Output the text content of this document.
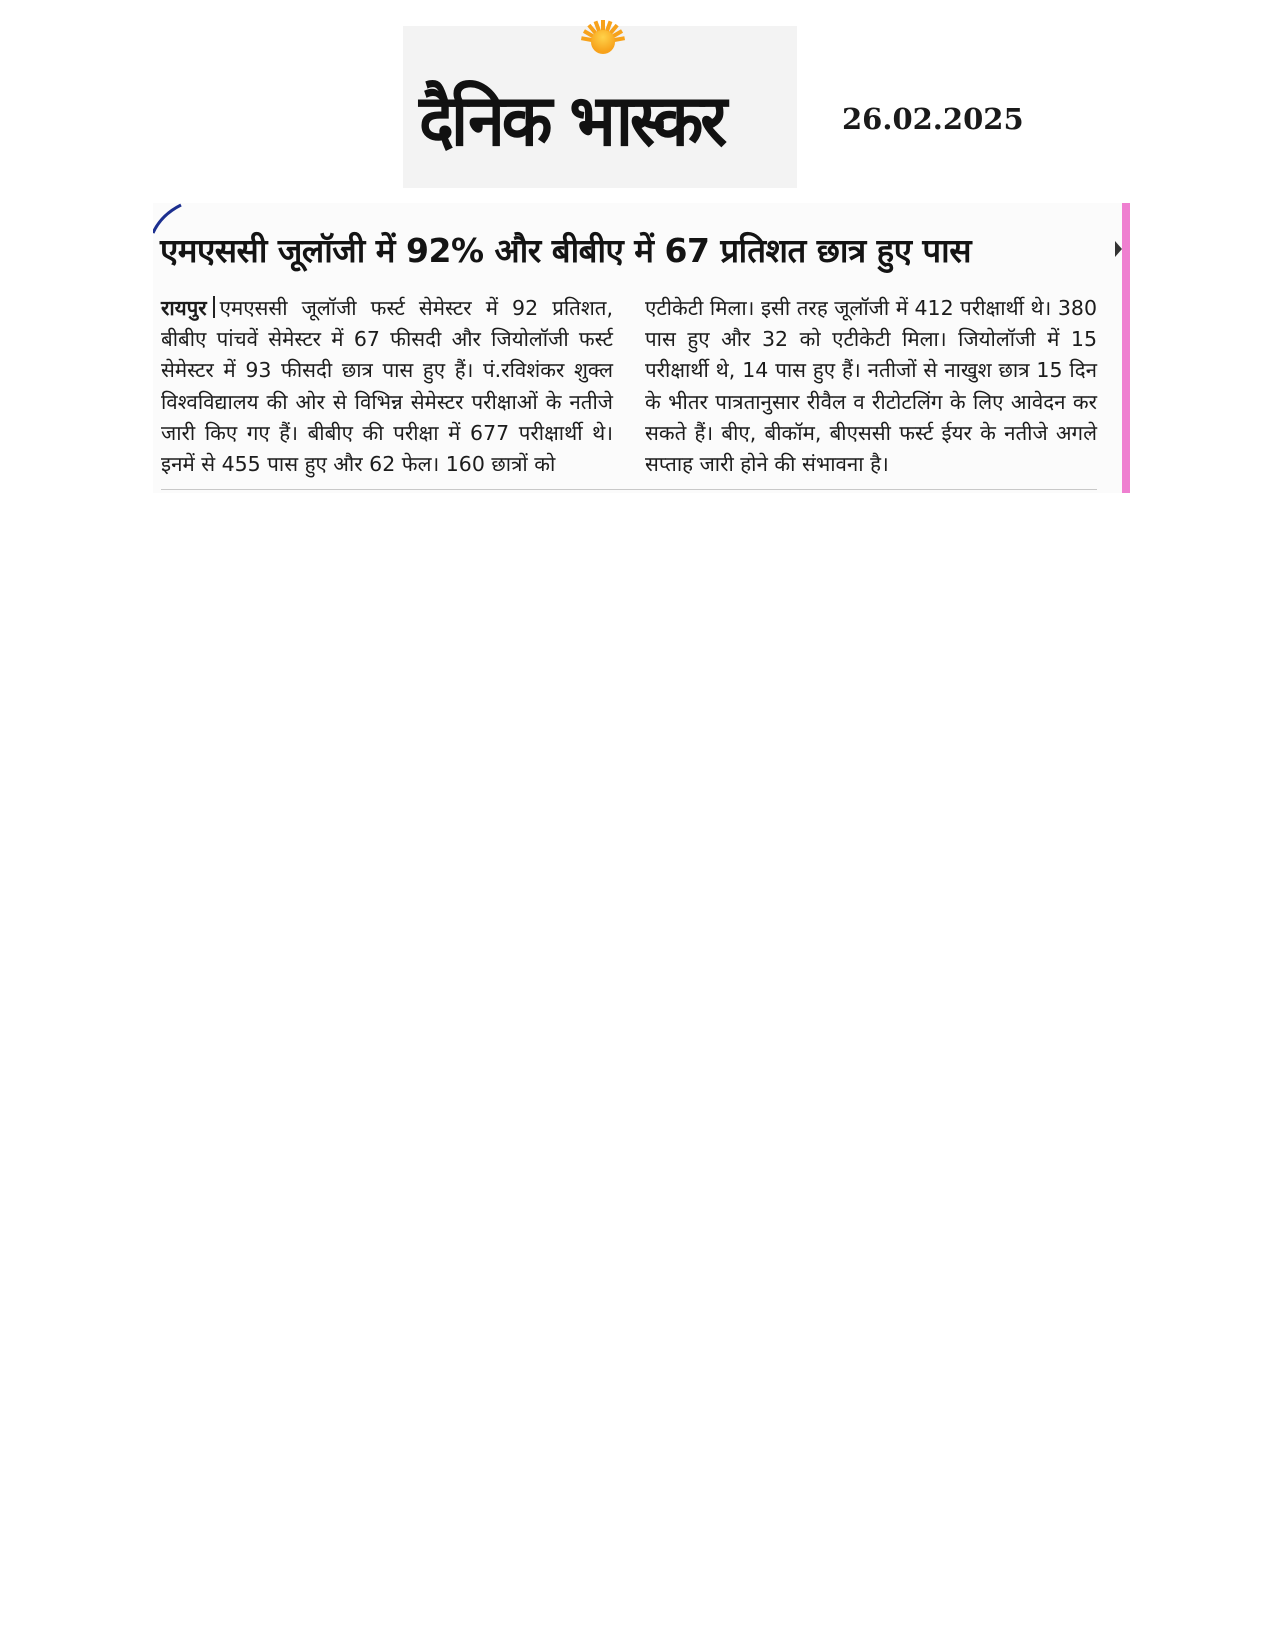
दैनिक भास्कर	26.02.2025
एमएससी जूलॉजी में 92% और बीबीए में 67 प्रतिशत छात्र हुए पास
रायपुर एमएससी जूलॉजी फर्स्ट सेमेस्टर में 92 प्रतिशत, बीबीए पांचवें सेमेस्टर में 67 फीसदी और जियोलॉजी फर्स्ट सेमेस्टर में 93 फीसदी छात्र पास हुए हैं। पं.रविशंकर शुक्ल विश्वविद्यालय की ओर से विभिन्न सेमेस्टर परीक्षाओं के नतीजे जारी किए गए हैं। बीबीए की परीक्षा में 677 परीक्षार्थी थे। इनमें से 455 पास हुए और 62 फेल। 160 छात्रों को
एटीकेटी मिला। इसी तरह जूलॉजी में 412 परीक्षार्थी थे। 380 पास हुए और 32 को एटीकेटी मिला। जियोलॉजी में 15 परीक्षार्थी थे, 14 पास हुए हैं। नतीजों से नाखुश छात्र 15 दिन के भीतर पात्रतानुसार रीवैल व रीटोटलिंग के लिए आवेदन कर सकते हैं। बीए, बीकॉम, बीएससी फर्स्ट ईयर के नतीजे अगले सप्ताह जारी होने की संभावना है।
